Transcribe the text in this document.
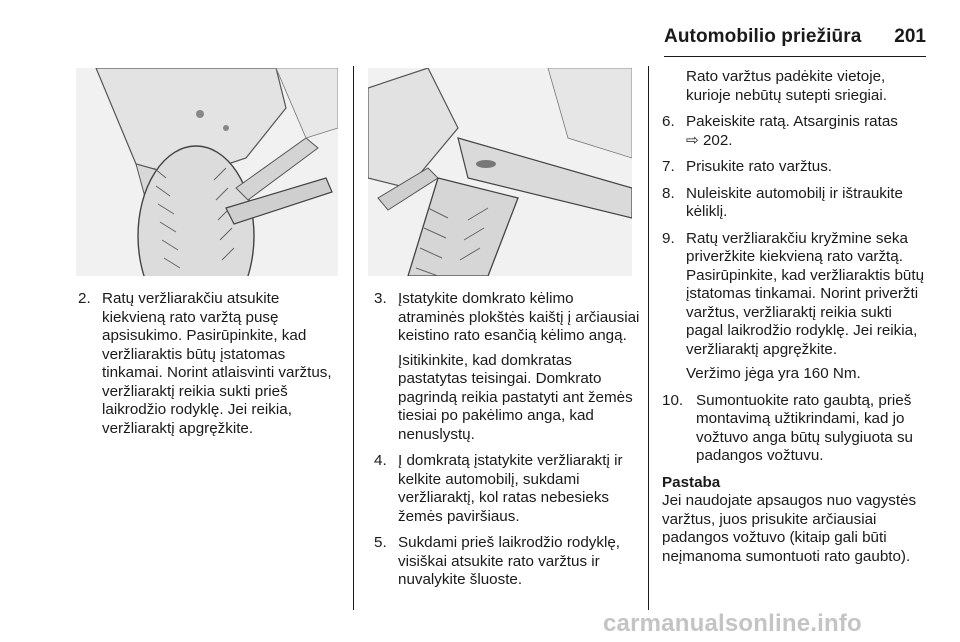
Automobilio priežiūra 201
2. Ratų veržliarakčiu atsukite kiekvieną rato varžtą pusę apsisukimo. Pasirūpinkite, kad veržliaraktis būtų įstatomas tinkamai. Norint atlaisvinti varžtus, veržliaraktį reikia sukti prieš laikrodžio rodyklę. Jei reikia, veržliaraktį apgręžkite.
3. Įstatykite domkrato kėlimo atraminės plokštės kaištį į arčiausiai keistino rato esančią kėlimo angą.
Įsitikinkite, kad domkratas pastatytas teisingai. Domkrato pagrindą reikia pastatyti ant žemės tiesiai po pakėlimo anga, kad nenuslystų.
4. Į domkratą įstatykite veržliaraktį ir kelkite automobilį, sukdami veržliaraktį, kol ratas nebesieks žemės paviršiaus.
5. Sukdami prieš laikrodžio rodyklę, visiškai atsukite rato varžtus ir nuvalykite šluoste.
Rato varžtus padėkite vietoje, kurioje nebūtų sutepti sriegiai.
6. Pakeiskite ratą. Atsarginis ratas
⇨ 202.
7. Prisukite rato varžtus.
8. Nuleiskite automobilį ir ištraukite kėliklį.
9. Ratų veržliarakčiu kryžmine seka priveržkite kiekvieną rato varžtą. Pasirūpinkite, kad veržliaraktis būtų įstatomas tinkamai. Norint priveržti varžtus, veržliaraktį reikia sukti pagal laikrodžio rodyklę. Jei reikia, veržliaraktį apgręžkite.
Veržimo jėga yra 160 Nm.
10. Sumontuokite rato gaubtą, prieš montavimą užtikrindami, kad jo vožtuvo anga būtų sulygiuota su padangos vožtuvu.
Pastaba
Jei naudojate apsaugos nuo vagystės varžtus, juos prisukite arčiausiai padangos vožtuvo (kitaip gali būti neįmanoma sumontuoti rato gaubto).
carmanualsonline.info
